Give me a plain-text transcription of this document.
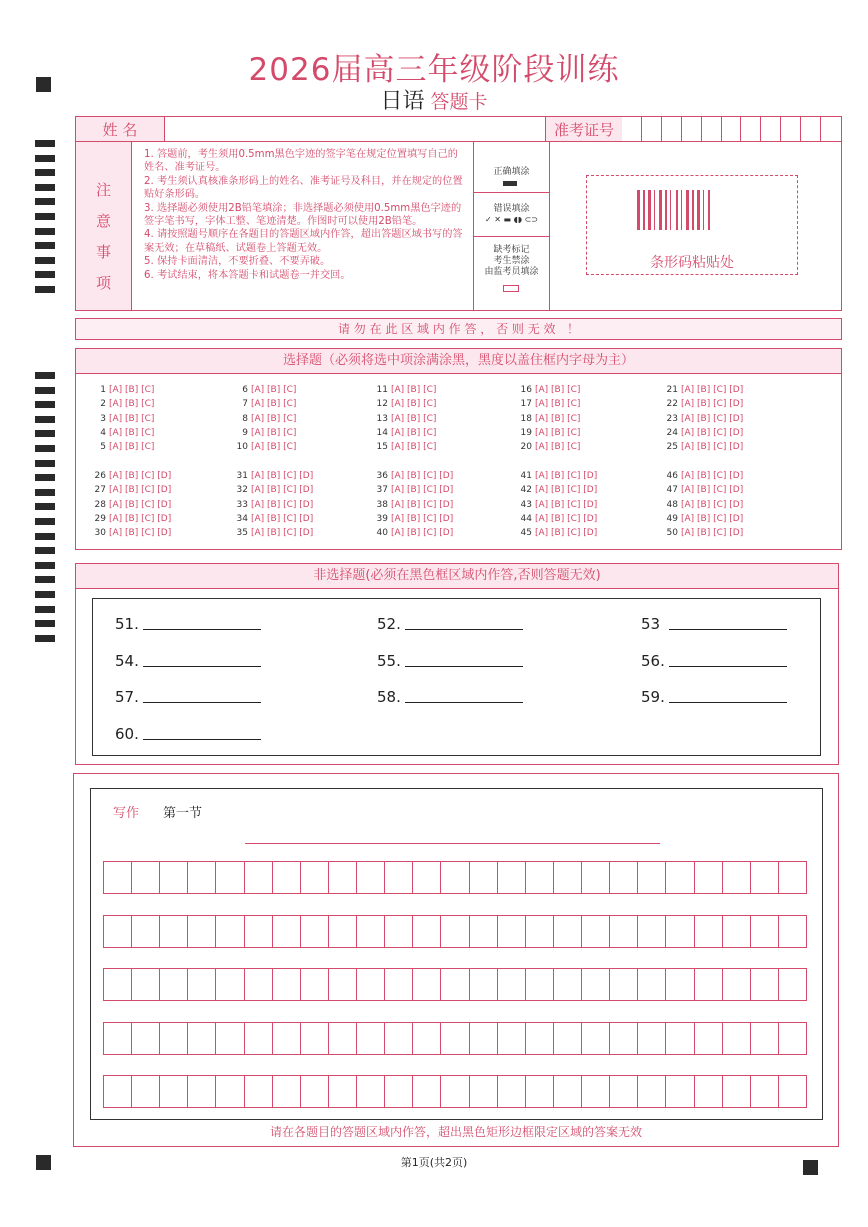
2026届高三年级阶段训练
日语 答题卡
姓 名	准考证号
注
意
事
项
1. 答题前，考生须用0.5mm黑色字迹的签字笔在规定位置填写自己的姓名、准考证号。
2. 考生须认真核准条形码上的姓名、准考证号及科目，并在规定的位置贴好条形码。
3. 选择题必须使用2B铅笔填涂；非选择题必须使用0.5mm黑色字迹的签字笔书写，字体工整、笔迹清楚。作图时可以使用2B铅笔。
4. 请按照题号顺序在各题目的答题区域内作答，超出答题区域书写的答案无效；在草稿纸、试题卷上答题无效。
5. 保持卡面清洁，不要折叠、不要弄破。
6. 考试结束，将本答题卡和试题卷一并交回。
正确填涂
错误填涂
✓ ✕ ▬ ◖◗ ⊂⊃
缺考标记
考生禁涂
由监考员填涂
条形码粘贴处
请 勿 在 此 区 域 内 作 答 ， 否 则 无 效   ！
选择题（必须将选中项涂满涂黑，黑度以盖住框内字母为主）
1 [A] [B] [C]
2 [A] [B] [C]
3 [A] [B] [C]
4 [A] [B] [C]
5 [A] [B] [C]
6 [A] [B] [C]
7 [A] [B] [C]
8 [A] [B] [C]
9 [A] [B] [C]
10 [A] [B] [C]
11 [A] [B] [C]
12 [A] [B] [C]
13 [A] [B] [C]
14 [A] [B] [C]
15 [A] [B] [C]
16 [A] [B] [C]
17 [A] [B] [C]
18 [A] [B] [C]
19 [A] [B] [C]
20 [A] [B] [C]
21 [A] [B] [C] [D]
22 [A] [B] [C] [D]
23 [A] [B] [C] [D]
24 [A] [B] [C] [D]
25 [A] [B] [C] [D]
26 [A] [B] [C] [D]
27 [A] [B] [C] [D]
28 [A] [B] [C] [D]
29 [A] [B] [C] [D]
30 [A] [B] [C] [D]
31 [A] [B] [C] [D]
32 [A] [B] [C] [D]
33 [A] [B] [C] [D]
34 [A] [B] [C] [D]
35 [A] [B] [C] [D]
36 [A] [B] [C] [D]
37 [A] [B] [C] [D]
38 [A] [B] [C] [D]
39 [A] [B] [C] [D]
40 [A] [B] [C] [D]
41 [A] [B] [C] [D]
42 [A] [B] [C] [D]
43 [A] [B] [C] [D]
44 [A] [B] [C] [D]
45 [A] [B] [C] [D]
46 [A] [B] [C] [D]
47 [A] [B] [C] [D]
48 [A] [B] [C] [D]
49 [A] [B] [C] [D]
50 [A] [B] [C] [D]
非选择题(必须在黑色框区域内作答,否则答题无效)
51.	52.	53
54.	55.	56.
57.	58.	59.
60.
写作 第一节
请在各题目的答题区域内作答，超出黑色矩形边框限定区域的答案无效
第1页(共2页)
